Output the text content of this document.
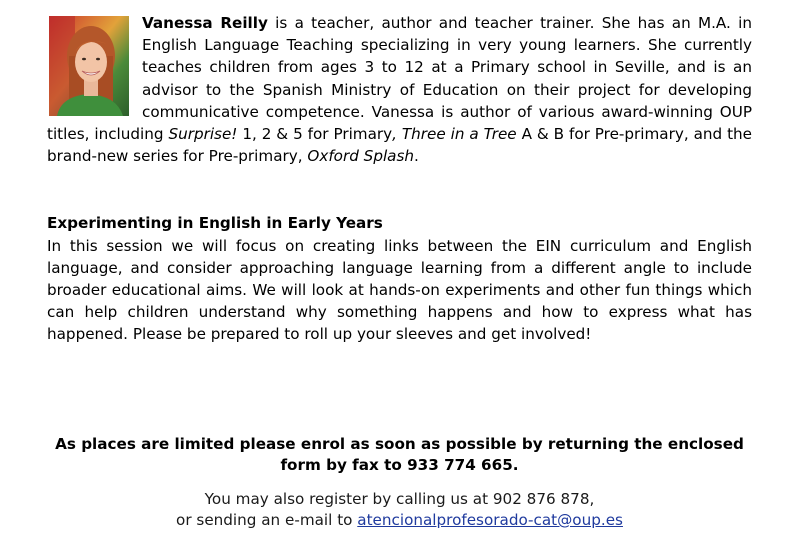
Vanessa Reilly is a teacher, author and teacher trainer. She has an M.A. in English Language Teaching specializing in very young learners. She currently teaches children from ages 3 to 12 at a Primary school in Seville, and is an advisor to the Spanish Ministry of Education on their project for developing communicative competence. Vanessa is author of various award-winning OUP titles, including Surprise! 1, 2 & 5 for Primary, Three in a Tree A & B for Pre-primary, and the brand-new series for Pre-primary, Oxford Splash.
Experimenting in English in Early Years
In this session we will focus on creating links between the EIN curriculum and English language, and consider approaching language learning from a different angle to include broader educational aims. We will look at hands-on experiments and other fun things which can help children understand why something happens and how to express what has happened. Please be prepared to roll up your sleeves and get involved!
As places are limited please enrol as soon as possible by returning the enclosed
form by fax to 933 774 665.
You may also register by calling us at 902 876 878,
or sending an e-mail to atencionalprofesorado-cat@oup.es
